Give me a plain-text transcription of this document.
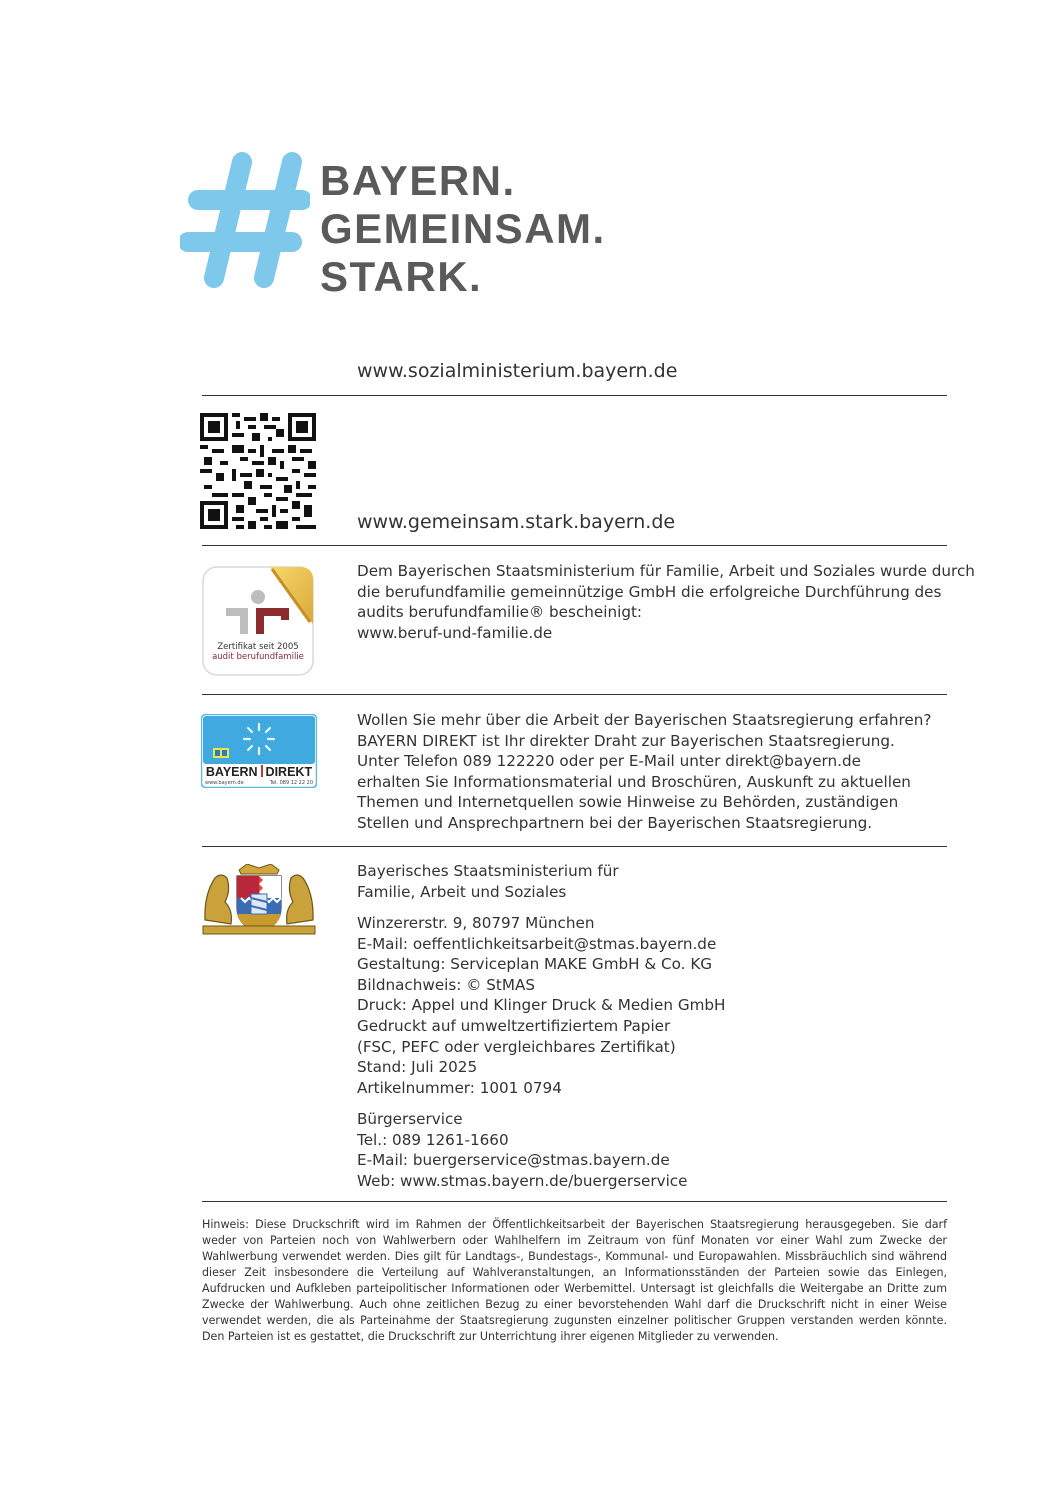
BAYERN.
GEMEINSAM.
STARK.
www.sozialministerium.bayern.de
www.gemeinsam.stark.bayern.de
Zertifikat seit 2005
audit berufundfamilie
Dem Bayerischen Staatsministerium für Familie, Arbeit und Soziales wurde durch
die berufundfamilie gemeinnützige GmbH die erfolgreiche Durchführung des
audits berufundfamilie® bescheinigt:
www.beruf-und-familie.de
BAYERN DIREKT
www.bayern.de	Tel. 089 12 22 20
Wollen Sie mehr über die Arbeit der Bayerischen Staatsregierung erfahren?
BAYERN DIREKT ist Ihr direkter Draht zur Bayerischen Staatsregierung.
Unter Telefon 089 122220 oder per E-Mail unter direkt@bayern.de
erhalten Sie Informationsmaterial und Broschüren, Auskunft zu aktuellen
Themen und Internetquellen sowie Hinweise zu Behörden, zuständigen
Stellen und Ansprechpartnern bei der Bayerischen Staatsregierung.
Bayerisches Staatsministerium für
Familie, Arbeit und Soziales
Winzererstr. 9, 80797 München
E-Mail: oeffentlichkeitsarbeit@stmas.bayern.de
Gestaltung: Serviceplan MAKE GmbH & Co. KG
Bildnachweis: © StMAS
Druck: Appel und Klinger Druck & Medien GmbH
Gedruckt auf umweltzertifiziertem Papier
(FSC, PEFC oder vergleichbares Zertifikat)
Stand: Juli 2025
Artikelnummer: 1001 0794
Bürgerservice
Tel.: 089 1261-1660
E-Mail: buergerservice@stmas.bayern.de
Web: www.stmas.bayern.de/buergerservice
Hinweis: Diese Druckschrift wird im Rahmen der Öffentlichkeitsarbeit der Bayerischen Staatsregierung herausgegeben. Sie darf weder von Parteien noch von Wahlwerbern oder Wahlhelfern im Zeitraum von fünf Monaten vor einer Wahl zum Zwecke der Wahlwerbung verwendet werden. Dies gilt für Landtags-, Bundestags-, Kommunal- und Europawahlen. Missbräuchlich sind während dieser Zeit insbesondere die Verteilung auf Wahlveranstaltungen, an Informationsständen der Parteien sowie das Einlegen, Aufdrucken und Aufkleben parteipolitischer Informationen oder Werbemittel. Untersagt ist gleichfalls die Weitergabe an Dritte zum Zwecke der Wahlwerbung. Auch ohne zeitlichen Bezug zu einer bevorstehenden Wahl darf die Druckschrift nicht in einer Weise verwendet werden, die als Parteinahme der Staatsregierung zugunsten einzelner politischer Gruppen verstanden werden könnte. Den Parteien ist es gestattet, die Druckschrift zur Unterrichtung ihrer eigenen Mitglieder zu verwenden.
